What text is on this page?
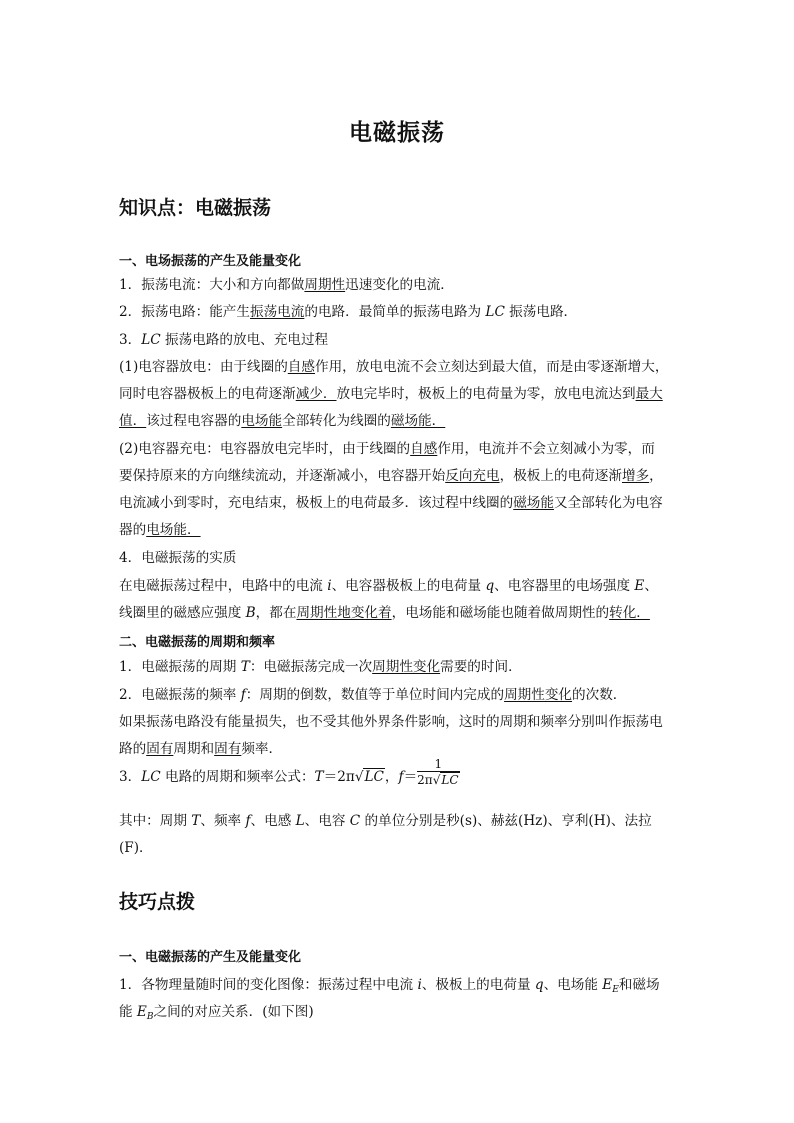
电磁振荡
知识点：电磁振荡
一、电场振荡的产生及能量变化
1．振荡电流：大小和方向都做周期性迅速变化的电流．
2．振荡电路：能产生振荡电流的电路．最简单的振荡电路为 LC 振荡电路．
3．LC 振荡电路的放电、充电过程
(1)电容器放电：由于线圈的自感作用，放电电流不会立刻达到最大值，而是由零逐渐增大，
同时电容器极板上的电荷逐渐减少．放电完毕时，极板上的电荷量为零，放电电流达到最大
值．该过程电容器的电场能全部转化为线圈的磁场能．
(2)电容器充电：电容器放电完毕时，由于线圈的自感作用，电流并不会立刻减小为零，而
要保持原来的方向继续流动，并逐渐减小，电容器开始反向充电，极板上的电荷逐渐增多，
电流减小到零时，充电结束，极板上的电荷最多．该过程中线圈的磁场能又全部转化为电容
器的电场能．
4．电磁振荡的实质
在电磁振荡过程中，电路中的电流 i、电容器极板上的电荷量 q、电容器里的电场强度 E、
线圈里的磁感应强度 B，都在周期性地变化着，电场能和磁场能也随着做周期性的转化．
二、电磁振荡的周期和频率
1．电磁振荡的周期 T：电磁振荡完成一次周期性变化需要的时间．
2．电磁振荡的频率 f：周期的倒数，数值等于单位时间内完成的周期性变化的次数．
如果振荡电路没有能量损失，也不受其他外界条件影响，这时的周期和频率分别叫作振荡电
路的固有周期和固有频率．
3．LC 电路的周期和频率公式：T＝2π√LC，$f= \frac{1}{2\pi√LC}$
其中：周期 T、频率 f、电感 L、电容 C 的单位分别是秒(s)、赫兹(Hz)、亨利(H)、法拉
(F)．
技巧点拨
一、电磁振荡的产生及能量变化
1．各物理量随时间的变化图像：振荡过程中电流 i、极板上的电荷量 q、电场能 $E_E$和磁场
能 $E_B$之间的对应关系．(如下图)
